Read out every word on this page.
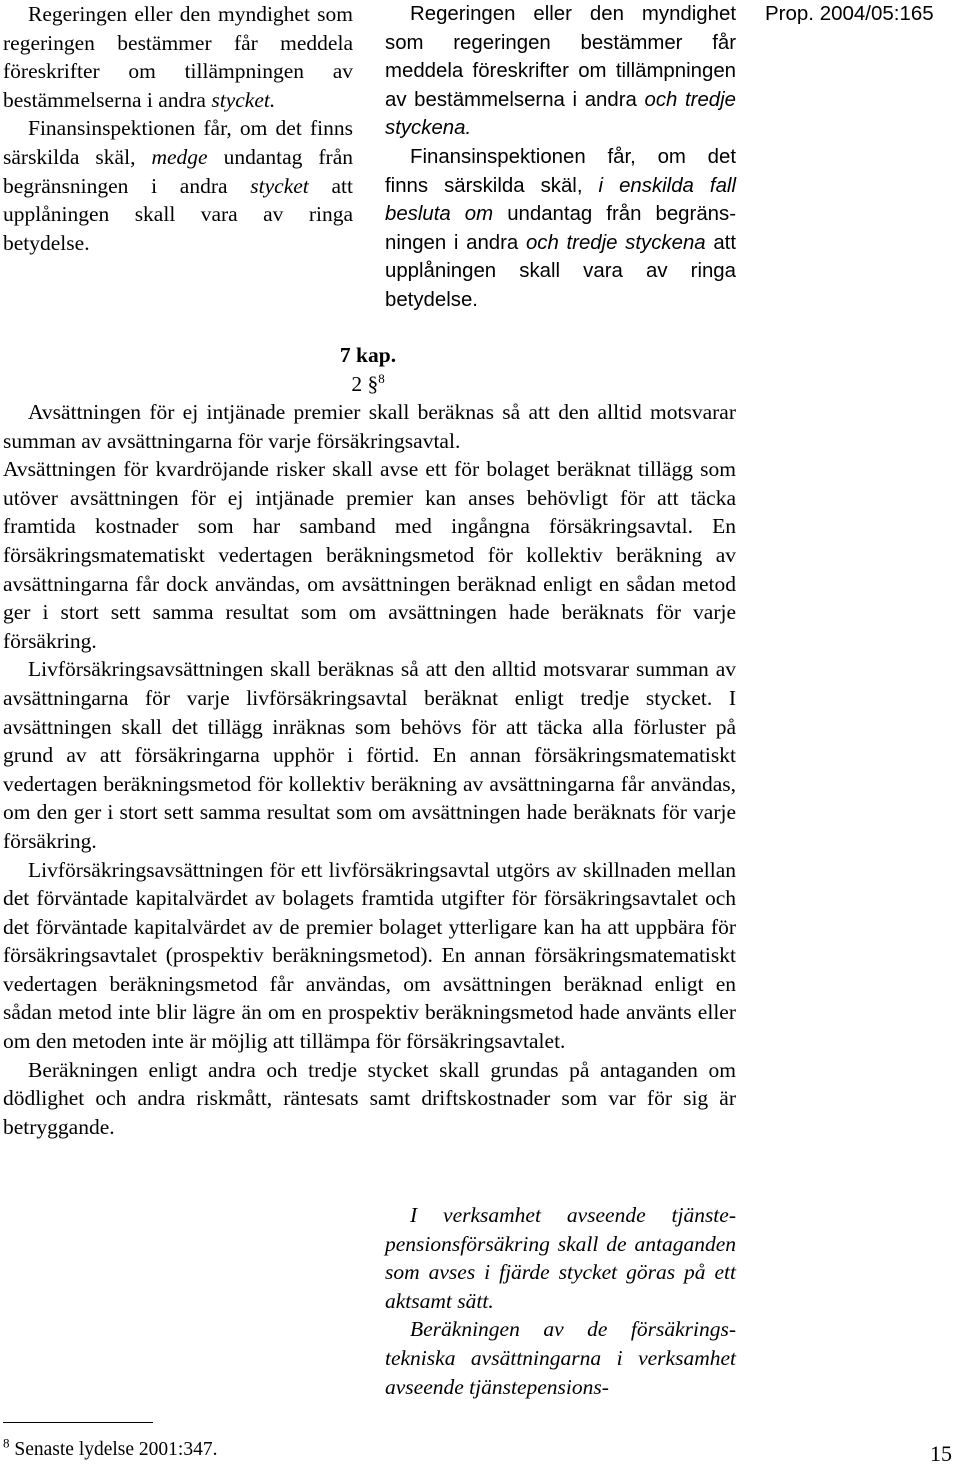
Regeringen eller den myndighet som regeringen bestämmer får meddela föreskrifter om tillämpningen av bestämmelserna i andra stycket.

Finansinspektionen får, om det finns särskilda skäl, medge undantag från begränsningen i andra stycket att upplåningen skall vara av ringa betydelse.

Regeringen eller den myndighet som regeringen bestämmer får meddela föreskrifter om tillämpningen av bestämmelserna i andra och tredje styckena.

Finansinspektionen får, om det finns särskilda skäl, i enskilda fall besluta om undantag från begränsningen i andra och tredje styckena att upplåningen skall vara av ringa betydelse.

Prop. 2004/05:165
7 kap.
2 §$^8$

Avsättningen för ej intjänade premier skall beräknas så att den alltid motsvarar summan av avsättningarna för varje försäkringsavtal.

Avsättningen för kvardröjande risker skall avse ett för bolaget beräknat tillägg som utöver avsättningen för ej intjänade premier kan anses behövligt för att täcka framtida kostnader som har samband med ingångna försäkringsavtal. En försäkringsmatematiskt vedertagen beräkningsmetod för kollektiv beräkning av avsättningarna får dock användas, om avsättningen beräknad enligt en sådan metod ger i stort sett samma resultat som om avsättningen hade beräknats för varje försäkring.

Livförsäkringsavsättningen skall beräknas så att den alltid motsvarar summan av avsättningarna för varje livförsäkringsavtal beräknat enligt tredje stycket. I avsättningen skall det tillägg inräknas som behövs för att täcka alla förluster på grund av att försäkringarna upphör i förtid. En annan försäkringsmatematiskt vedertagen beräkningsmetod för kollektiv beräkning av avsättningarna får användas, om den ger i stort sett samma resultat som om avsättningen hade beräknats för varje försäkring.

Livförsäkringsavsättningen för ett livförsäkringsavtal utgörs av skillnaden mellan det förväntade kapitalvärdet av bolagets framtida utgifter för försäkringsavtalet och det förväntade kapitalvärdet av de premier bolaget ytterligare kan ha att uppbära för försäkringsavtalet (prospektiv beräkningsmetod). En annan försäkringsmatematiskt vedertagen beräkningsmetod får användas, om avsättningen beräknad enligt en sådan metod inte blir lägre än om en prospektiv beräkningsmetod hade använts eller om den metoden inte är möjlig att tillämpa för försäkringsavtalet.

Beräkningen enligt andra och tredje stycket skall grundas på antaganden om dödlighet och andra riskmått, räntesats samt driftskostnader som var för sig är betryggande.

I verksamhet avseende tjänstepensionsförsäkring skall de antaganden som avses i fjärde stycket göras på ett aktsamt sätt.

Beräkningen av de försäkringstekniska avsättningarna i verksamhet avseende tjänstepensions-

$^8$ Senaste lydelse 2001:347.	15
